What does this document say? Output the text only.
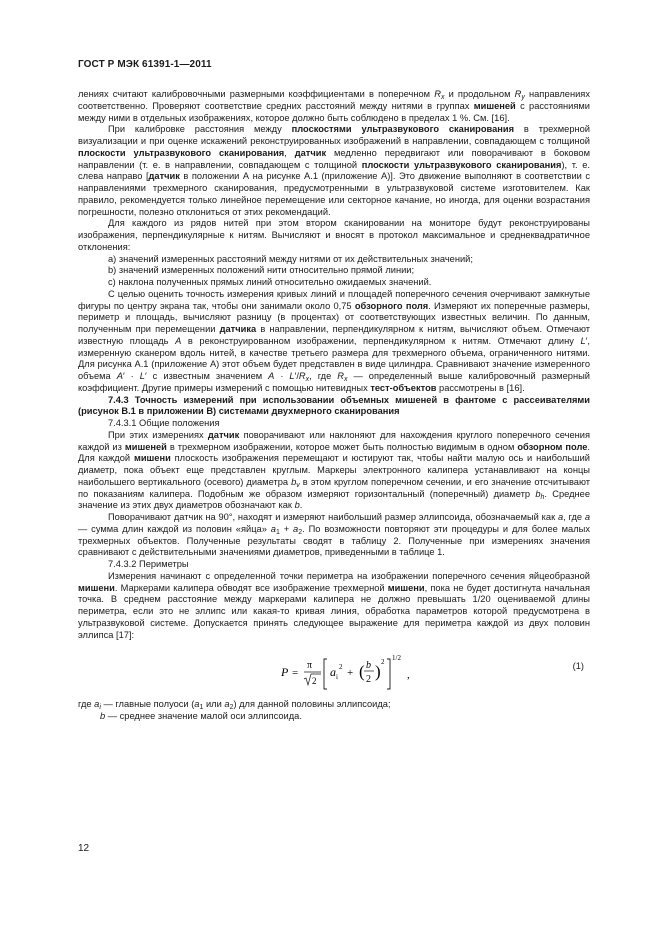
ГОСТ Р МЭК 61391-1—2011

лениях считают калибровочными размерными коэффициентами в поперечном $R_x$ и продольном $R_y$ направлениях соответственно. Проверяют соответствие средних расстояний между нитями в группах мишеней с расстояниями между ними в отдельных изображениях, которое должно быть соблюдено в пределах 1 %. См. [16].

При калибровке расстояния между плоскостями ультразвукового сканирования в трехмерной визуализации и при оценке искажений реконструированных изображений в направлении, совпадающем с толщиной плоскости ультразвукового сканирования, датчик медленно передвигают или поворачивают в боковом направлении (т. е. в направлении, совпадающем с толщиной плоскости ультразвукового сканирования), т. е. слева направо [датчик в положении А на рисунке А.1 (приложение А)]. Это движение выполняют в соответствии с направлениями трехмерного сканирования, предусмотренными в ультразвуковой системе изготовителем. Как правило, рекомендуется только линейное перемещение или секторное качание, но иногда, для оценки возрастания погрешности, полезно отклониться от этих рекомендаций.

Для каждого из рядов нитей при этом втором сканировании на мониторе будут реконструированы изображения, перпендикулярные к нитям. Вычисляют и вносят в протокол максимальное и среднеквадратичное отклонения:

a) значений измеренных расстояний между нитями от их действительных значений;

b) значений измеренных положений нити относительно прямой линии;

c) наклона полученных прямых линий относительно ожидаемых значений.

С целью оценить точность измерения кривых линий и площадей поперечного сечения очерчивают замкнутые фигуры по центру экрана так, чтобы они занимали около 0,75 обзорного поля. Измеряют их поперечные размеры, периметр и площадь, вычисляют разницу (в процентах) от соответствующих известных величин. По данным, полученным при перемещении датчика в направлении, перпендикулярном к нитям, вычисляют объем. Отмечают известную площадь A в реконструированном изображении, перпендикулярном к нитям. Отмечают длину L′, измеренную сканером вдоль нитей, в качестве третьего размера для трехмерного объема, ограниченного нитями. Для рисунка А.1 (приложение А) этот объем будет представлен в виде цилиндра. Сравнивают значение измеренного объема A′ · L′ с известным значением $A \cdot L'/R_x$, где $R_x$ — определенный выше калибровочный размерный коэффициент. Другие примеры измерений с помощью нитевидных тест-объектов рассмотрены в [16].

7.4.3 Точность измерений при использовании объемных мишеней в фантоме с рассеивателями (рисунок В.1 в приложении В) системами двухмерного сканирования

7.4.3.1 Общие положения

При этих измерениях датчик поворачивают или наклоняют для нахождения круглого поперечного сечения каждой из мишеней в трехмерном изображении, которое может быть полностью видимым в одном обзорном поле. Для каждой мишени плоскость изображения перемещают и юстируют так, чтобы найти малую ось и наибольший диаметр, пока объект еще представлен круглым. Маркеры электронного калипера устанавливают на концы наибольшего вертикального (осевого) диаметра $b_v$ в этом круглом поперечном сечении, и его значение отсчитывают по показаниям калипера. Подобным же образом измеряют горизонтальный (поперечный) диаметр $b_h$. Среднее значение из этих двух диаметров обозначают как b.

Поворачивают датчик на 90°, находят и измеряют наибольший размер эллипсоида, обозначаемый как a, где a — сумма длин каждой из половин «яйца» $a_1 + a_2$. По возможности повторяют эти процедуры и для более малых трехмерных объектов. Полученные результаты сводят в таблицу 2. Полученные при измерениях значения сравнивают с действительными значениями диаметров, приведенными в таблице 1.

7.4.3.2 Периметры

Измерения начинают с определенной точки периметра на изображении поперечного сечения яйцеобразной мишени. Маркерами калипера обводят все изображение трехмерной мишени, пока не будет достигнута начальная точка. В среднем расстояние между маркерами калипера не должно превышать 1/20 оцениваемой длины периметра, если это не эллипс или какая-то кривая линия, обработка параметров которой предусмотрена в ультразвуковой системе. Допускается принять следующее выражение для периметра каждой из двух половин эллипса [17]:

P =
π
2
a i
2 + ( b
2 ) 2 1/2
,
(1)

где $a_i$ — главные полуоси ($a_1$ или $a_2$) для данной половины эллипсоида;

b — среднее значение малой оси эллипсоида.

12
